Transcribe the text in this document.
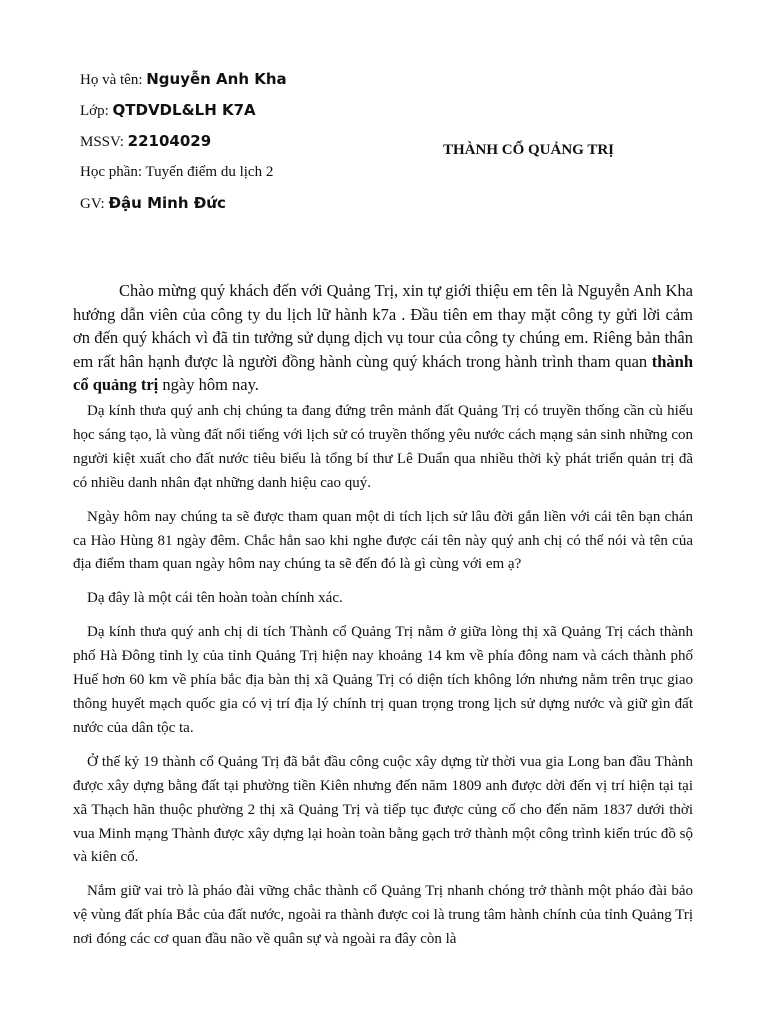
Họ và tên: Nguyễn Anh Kha
Lớp: QTDVDL&LH K7A
MSSV: 22104029
Học phần: Tuyến điểm du lịch 2
GV: Đậu Minh Đức
THÀNH CỔ QUẢNG TRỊ

Chào mừng quý khách đến với Quảng Trị, xin tự giới thiệu em tên là Nguyễn Anh Kha hướng dẫn viên của công ty du lịch lữ hành k7a . Đầu tiên em thay mặt công ty gửi lời cảm ơn đến quý khách vì đã tin tưởng sử dụng dịch vụ tour của công ty chúng em. Riêng bản thân em rất hân hạnh được là người đồng hành cùng quý khách trong hành trình tham quan thành cổ quảng trị ngày hôm nay.

Dạ kính thưa quý anh chị chúng ta đang đứng trên mảnh đất Quảng Trị có truyền thống cần cù hiếu học sáng tạo, là vùng đất nổi tiếng với lịch sử có truyền thống yêu nước cách mạng sản sinh những con người kiệt xuất cho đất nước tiêu biểu là tổng bí thư Lê Duẩn qua nhiều thời kỳ phát triển quản trị đã có nhiều danh nhân đạt những danh hiệu cao quý.

Ngày hôm nay chúng ta sẽ được tham quan một di tích lịch sử lâu đời gắn liền với cái tên bạn chán ca Hào Hùng 81 ngày đêm. Chắc hẳn sao khi nghe được cái tên này quý anh chị có thể nói và tên của địa điểm tham quan ngày hôm nay chúng ta sẽ đến đó là gì cùng với em ạ?

Dạ đây là một cái tên hoàn toàn chính xác.

Dạ kính thưa quý anh chị di tích Thành cổ Quảng Trị nằm ở giữa lòng thị xã Quảng Trị cách thành phố Hà Đông tỉnh lỵ của tỉnh Quảng Trị hiện nay khoảng 14 km về phía đông nam và cách thành phố Huế hơn 60 km về phía bắc địa bàn thị xã Quảng Trị có diện tích không lớn nhưng nằm trên trục giao thông huyết mạch quốc gia có vị trí địa lý chính trị quan trọng trong lịch sử dựng nước và giữ gìn đất nước của dân tộc ta.

Ở thế kỷ 19 thành cổ Quảng Trị đã bắt đầu công cuộc xây dựng từ thời vua gia Long ban đầu Thành được xây dựng bằng đất tại phường tiền Kiên nhưng đến năm 1809 anh được dời đến vị trí hiện tại tại xã Thạch hãn thuộc phường 2 thị xã Quảng Trị và tiếp tục được củng cố cho đến năm 1837 dưới thời vua Minh mạng Thành được xây dựng lại hoàn toàn bằng gạch trở thành một công trình kiến trúc đồ sộ và kiên cố.

Nắm giữ vai trò là pháo đài vững chắc thành cổ Quảng Trị nhanh chóng trở thành một pháo đài bảo vệ vùng đất phía Bắc của đất nước, ngoài ra thành được coi là trung tâm hành chính của tỉnh Quảng Trị nơi đóng các cơ quan đầu não về quân sự và ngoài ra đây còn là
